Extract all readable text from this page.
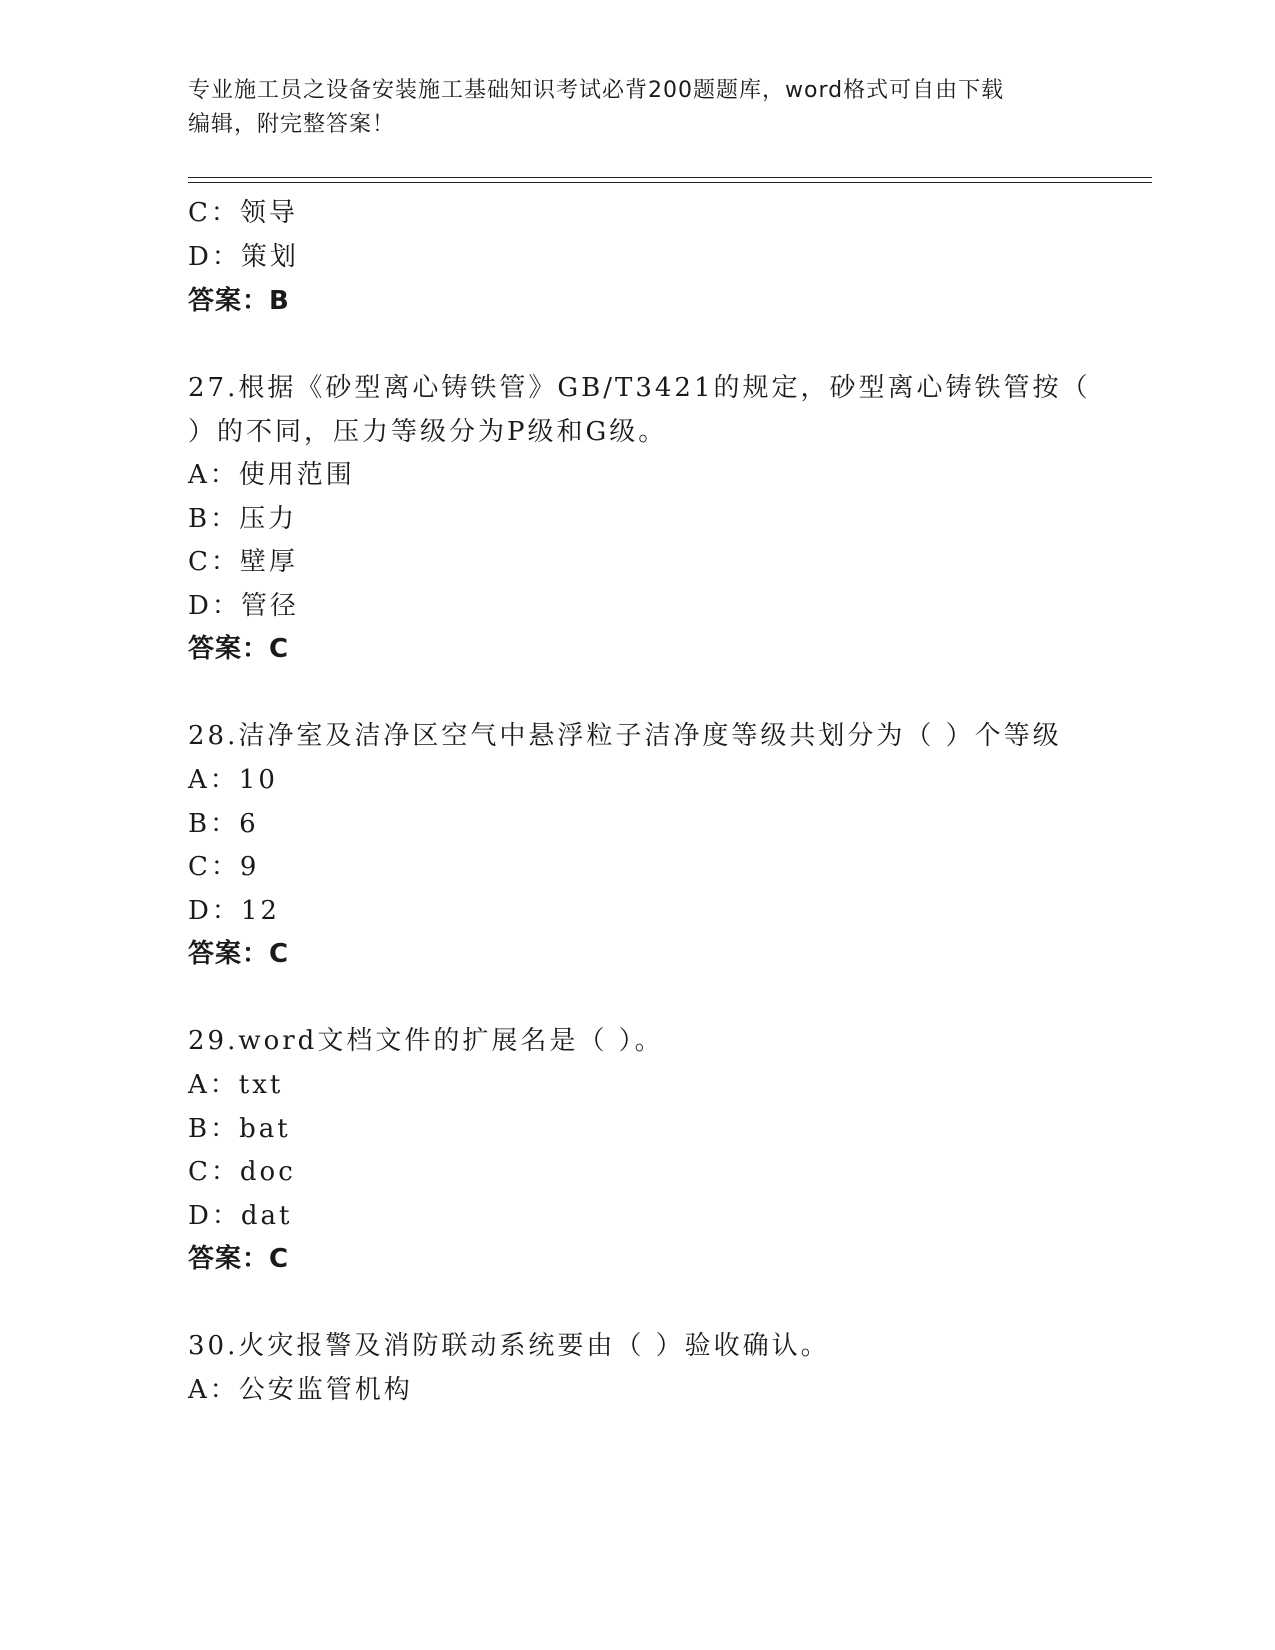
专业施工员之设备安装施工基础知识考试必背200题题库，word格式可自由下载
编辑，附完整答案！
C：领导
D：策划
答案：B
27.根据《砂型离心铸铁管》GB/T3421的规定，砂型离心铸铁管按（
）的不同，压力等级分为P级和G级。
A：使用范围
B：压力
C：壁厚
D：管径
答案：C
28.洁净室及洁净区空气中悬浮粒子洁净度等级共划分为（ ）个等级
A：10
B：6
C：9
D：12
答案：C
29.word文档文件的扩展名是（ ）。
A：txt
B：bat
C：doc
D：dat
答案：C
30.火灾报警及消防联动系统要由（ ）验收确认。
A：公安监管机构
